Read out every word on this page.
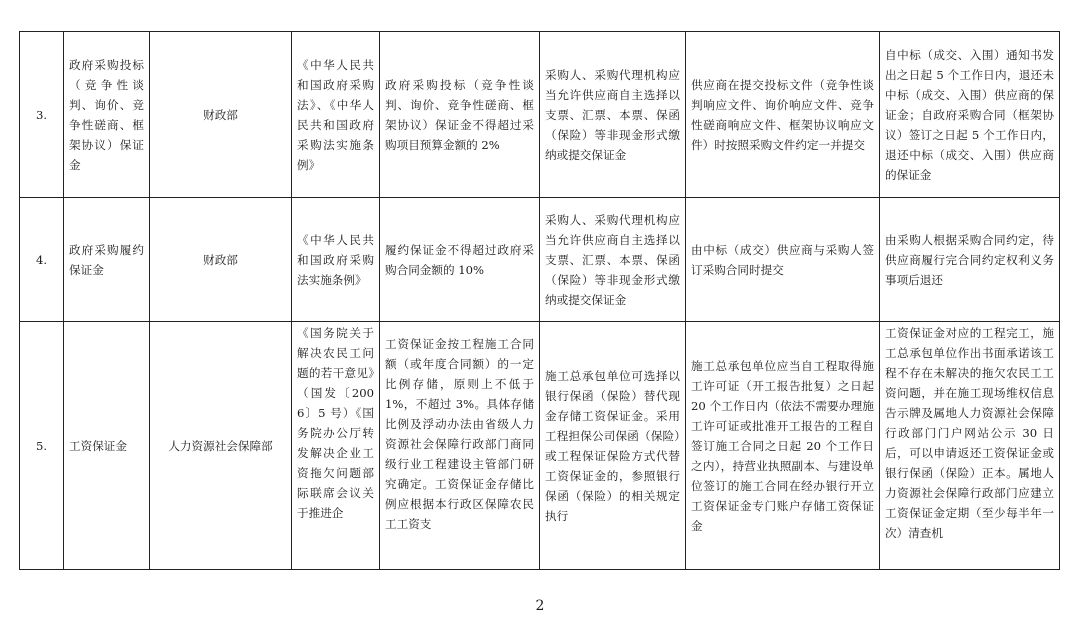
3.	政府采购投标（竞争性谈判、询价、竞争性磋商、框架协议）保证金	财政部	《中华人民共和国政府采购法》、《中华人民共和国政府采购法实施条例》	政府采购投标（竞争性谈判、询价、竞争性磋商、框架协议）保证金不得超过采购项目预算金额的 2%	采购人、采购代理机构应当允许供应商自主选择以支票、汇票、本票、保函（保险）等非现金形式缴纳或提交保证金	供应商在提交投标文件（竞争性谈判响应文件、询价响应文件、竞争性磋商响应文件、框架协议响应文件）时按照采购文件约定一并提交	自中标（成交、入围）通知书发出之日起 5 个工作日内，退还未中标（成交、入围）供应商的保证金；自政府采购合同（框架协议）签订之日起 5 个工作日内，退还中标（成交、入围）供应商的保证金
4.	政府采购履约保证金	财政部	《中华人民共和国政府采购法实施条例》	履约保证金不得超过政府采购合同金额的 10%	采购人、采购代理机构应当允许供应商自主选择以支票、汇票、本票、保函（保险）等非现金形式缴纳或提交保证金	由中标（成交）供应商与采购人签订采购合同时提交	由采购人根据采购合同约定，待供应商履行完合同约定权利义务事项后退还
5.	工资保证金	人力资源社会保障部	《国务院关于解决农民工问题的若干意见》（国发〔2006〕5 号）《国务院办公厅转发解决企业工资拖欠问题部际联席会议关于推进企	工资保证金按工程施工合同额（或年度合同额）的一定比例存储，原则上不低于 1%，不超过 3%。具体存储比例及浮动办法由省级人力资源社会保障行政部门商同级行业工程建设主管部门研究确定。工资保证金存储比例应根据本行政区保障农民工工资支	施工总承包单位可选择以银行保函（保险）替代现金存储工资保证金。采用工程担保公司保函（保险）或工程保证保险方式代替工资保证金的，参照银行保函（保险）的相关规定执行	施工总承包单位应当自工程取得施工许可证（开工报告批复）之日起 20 个工作日内（依法不需要办理施工许可证或批准开工报告的工程自签订施工合同之日起 20 个工作日之内），持营业执照副本、与建设单位签订的施工合同在经办银行开立工资保证金专门账户存储工资保证金	工资保证金对应的工程完工，施工总承包单位作出书面承诺该工程不存在未解决的拖欠农民工工资问题，并在施工现场维权信息告示牌及属地人力资源社会保障行政部门门户网站公示 30 日后，可以申请返还工资保证金或银行保函（保险）正本。属地人力资源社会保障行政部门应建立工资保证金定期（至少每半年一次）清查机
2
